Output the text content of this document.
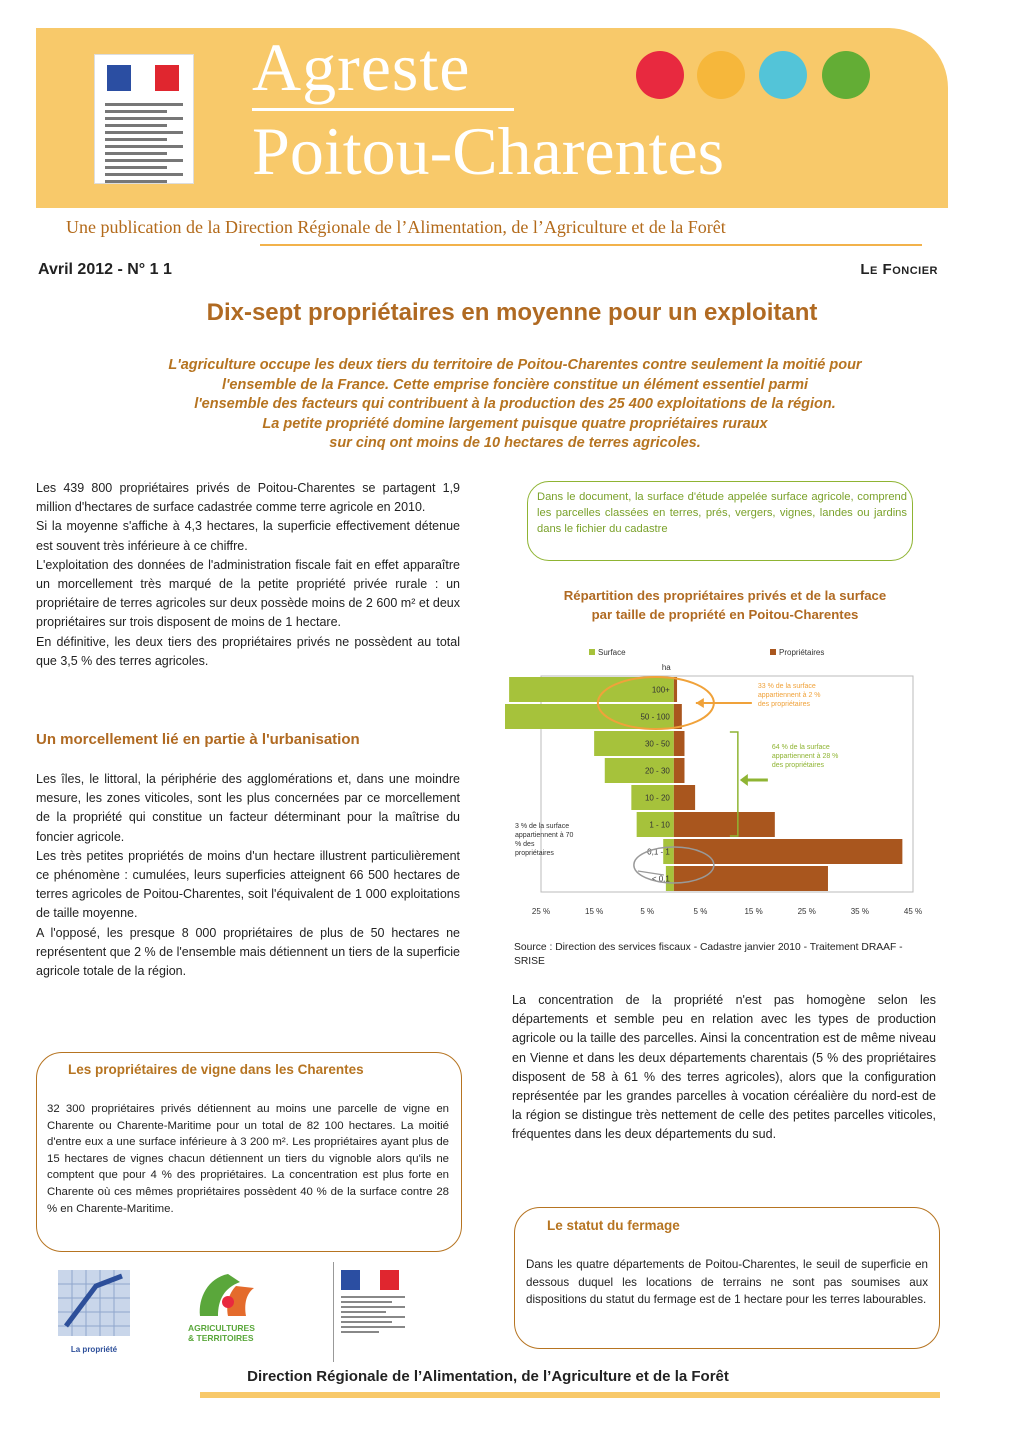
Agreste
Poitou-Charentes
Une publication de la Direction Régionale de l’Alimentation, de l’Agriculture et de la Forêt
Avril 2012 - N° 1 1	Le Foncier
Dix-sept propriétaires en moyenne pour un exploitant
L'agriculture occupe les deux tiers du territoire de Poitou-Charentes contre seulement la moitié pour
l'ensemble de la France. Cette emprise foncière constitue un élément essentiel parmi
l'ensemble des facteurs qui contribuent à la production des 25 400 exploitations de la région.
La petite propriété domine largement puisque quatre propriétaires ruraux
sur cinq ont moins de 10 hectares de terres agricoles.

Les 439 800 propriétaires privés de Poitou-Charentes se partagent 1,9 million d'hectares de surface cadastrée comme terre agricole en 2010.

Si la moyenne s'affiche à 4,3 hectares, la superficie effectivement détenue est souvent très inférieure à ce chiffre.

L'exploitation des données de l'administration fiscale fait en effet apparaître un morcellement très marqué de la petite propriété privée rurale : un propriétaire de terres agricoles sur deux possède moins de 2 600 m² et deux propriétaires sur trois disposent de moins de 1 hectare.

En définitive, les deux tiers des propriétaires privés ne possèdent au total que 3,5 % des terres agricoles.

Un morcellement lié en partie à l'urbanisation

Les îles, le littoral, la périphérie des agglomérations et, dans une moindre mesure, les zones viticoles, sont les plus concernées par ce morcellement de la propriété qui constitue un facteur déterminant pour la maîtrise du foncier agricole.

Les très petites propriétés de moins d'un hectare illustrent particulièrement ce phénomène : cumulées, leurs superficies atteignent 66 500 hectares de terres agricoles de Poitou-Charentes, soit l'équivalent de 1 000 exploitations de taille moyenne.

A l'opposé, les presque 8 000 propriétaires de plus de 50 hectares ne représentent que 2 % de l'ensemble mais détiennent un tiers de la superficie agricole totale de la région.

Les propriétaires de vigne dans les Charentes
32 300 propriétaires privés détiennent au moins une parcelle de vigne en Charente ou Charente-Maritime pour un total de 82 100 hectares. La moitié d'entre eux a une surface inférieure à 3 200 m². Les propriétaires ayant plus de 15 hectares de vignes chacun détiennent un tiers du vignoble alors qu'ils ne comptent que pour 4 % des propriétaires. La concentration est plus forte en Charente où ces mêmes propriétaires possèdent 40 % de la surface contre 28 % en Charente-Maritime.
La propriété
AGRICULTURES
& TERRITOIRES
Dans le document, la surface d'étude appelée surface agricole, comprend les parcelles classées en terres, prés, vergers, vignes, landes ou jardins dans le fichier du cadastre
Répartition des propriétaires privés et de la surface
par taille de propriété en Poitou-Charentes
Surface	Propriétaires
ha
100+
50 - 100
30 - 50
20 - 30
10 - 20
1 - 10
0,1 - 1
< 0,1
25 %	15 %	5 %	5 %	15 %	25 %	35 %	45 %
33 % de la surface appartiennent à 2 % des propriétaires
64 % de la surface appartiennent à 28 % des propriétaires
3 % de la surface appartiennent à 70 % des propriétaires
Source : Direction des services fiscaux - Cadastre janvier 2010 - Traitement DRAAF - SRISE
La concentration de la propriété n'est pas homogène selon les départements et semble peu en relation avec les types de production agricole ou la taille des parcelles. Ainsi la concentration est de même niveau en Vienne et dans les deux départements charentais (5 % des propriétaires disposent de 58 à 61 % des terres agricoles), alors que la configuration représentée par les grandes parcelles à vocation céréalière du nord-est de la région se distingue très nettement de celle des petites parcelles viticoles, fréquentes dans les deux départements du sud.
Le statut du fermage
Dans les quatre départements de Poitou-Charentes, le seuil de superficie en dessous duquel les locations de terrains ne sont pas soumises aux dispositions du statut du fermage est de 1 hectare pour les terres labourables.
Direction Régionale de l’Alimentation, de l’Agriculture et de la Forêt
